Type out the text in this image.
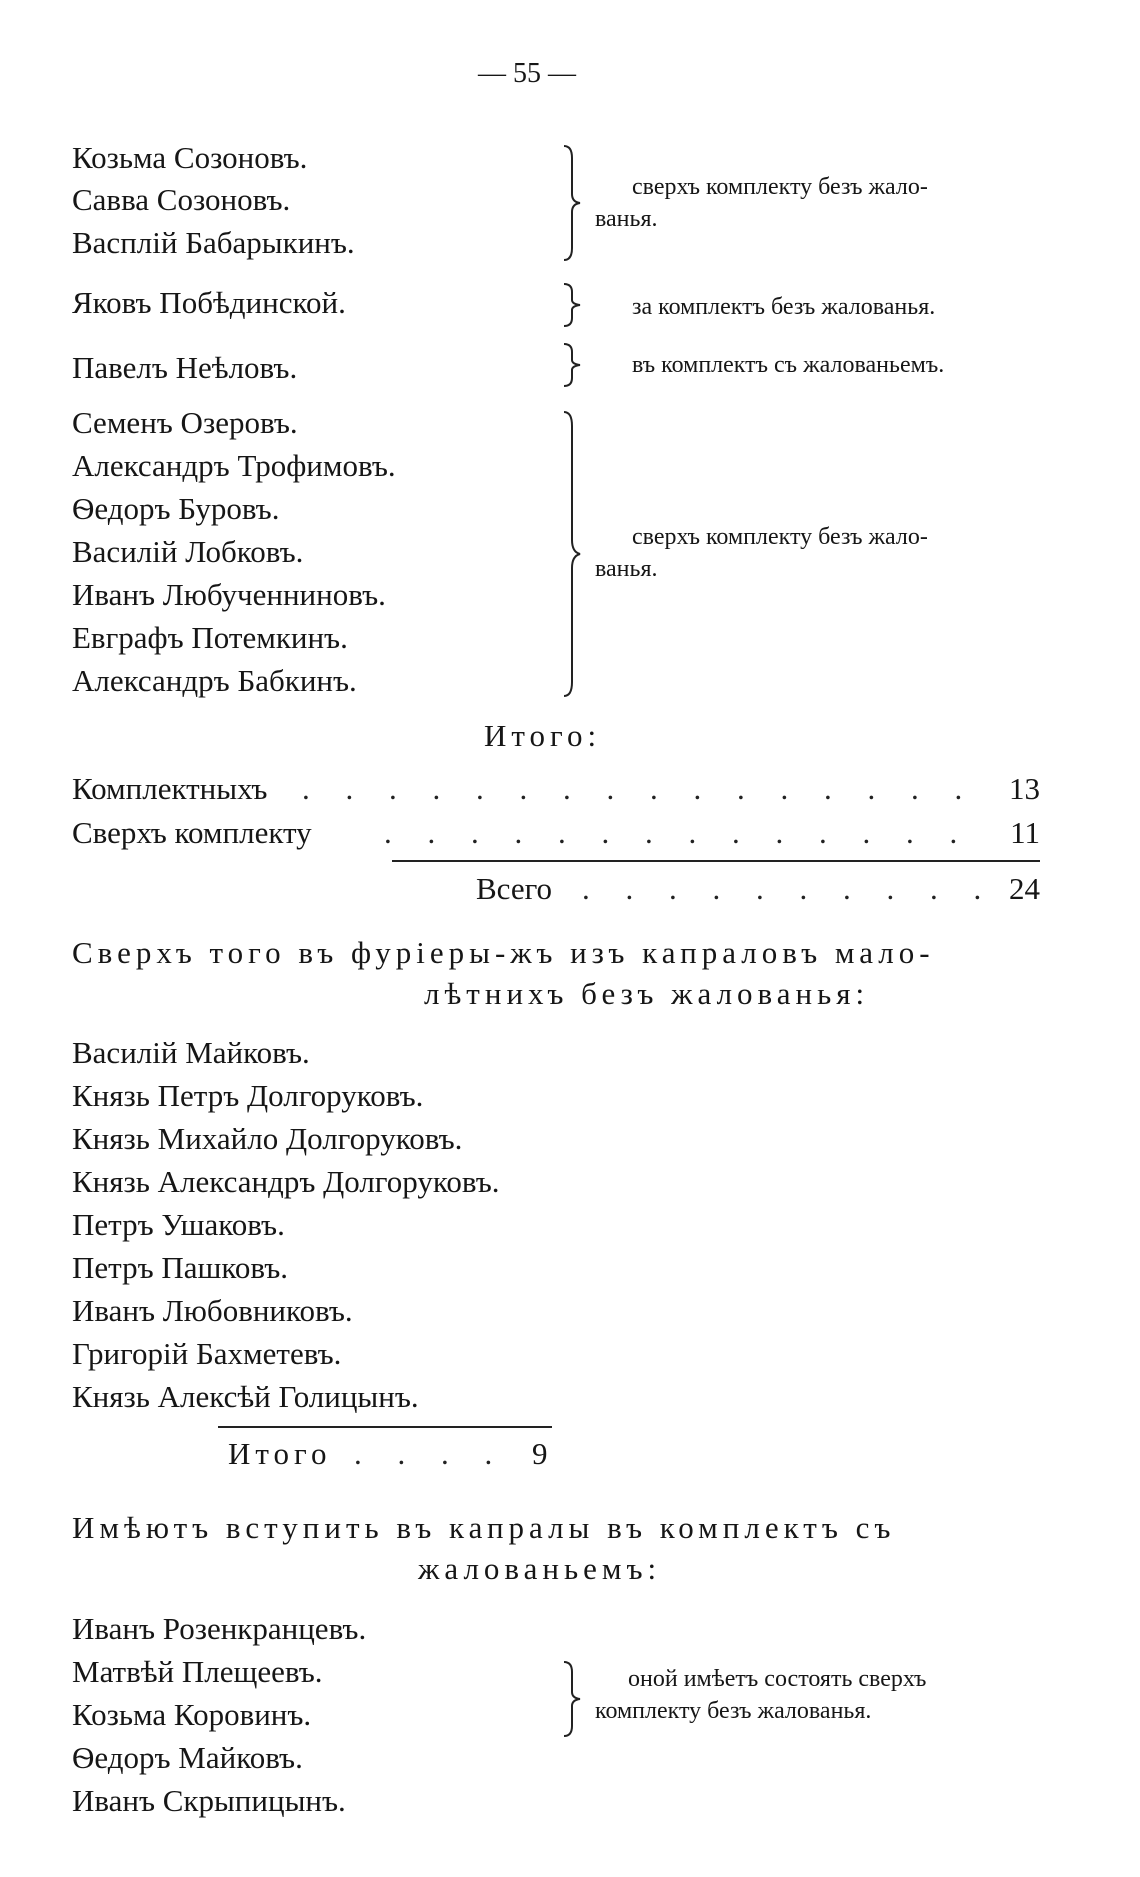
— 55 —
Козьма Созоновъ.
Савва Созоновъ.
Васплій Бабарыкинъ.
сверхъ комплекту безъ жало-
ванья.
Яковъ Побѣдинской.	за комплектъ безъ жалованья.
Павелъ Неѣловъ.	въ комплектъ съ жалованьемъ.
Семенъ Озеровъ.
Александръ Трофимовъ.
Ѳедоръ Буровъ.
Василій Лобковъ.
Иванъ Любученниновъ.
Евграфъ Потемкинъ.
Александръ Бабкинъ.
сверхъ комплекту безъ жало-
ванья.
Итого:
Комплектныхъ . . .	13
Сверхъ комплекту . . .	11
Всего . . .	24
Сверхъ того въ фуріеры-жъ изъ капраловъ мало-
лѣтнихъ безъ жалованья:
Василій Майковъ.
Князь Петръ Долгоруковъ.
Князь Михайло Долгоруковъ.
Князь Александръ Долгоруковъ.
Петръ Ушаковъ.
Петръ Пашковъ.
Иванъ Любовниковъ.
Григорій Бахметевъ.
Князь Алексѣй Голицынъ.
Итого . . .	9
Имѣютъ вступить въ капралы въ комплектъ съ
жалованьемъ:
Иванъ Розенкранцевъ.
Матвѣй Плещеевъ.
Козьма Коровинъ.
Ѳедоръ Майковъ.
Иванъ Скрыпицынъ.
оной имѣетъ состоять сверхъ
комплекту безъ жалованья.
